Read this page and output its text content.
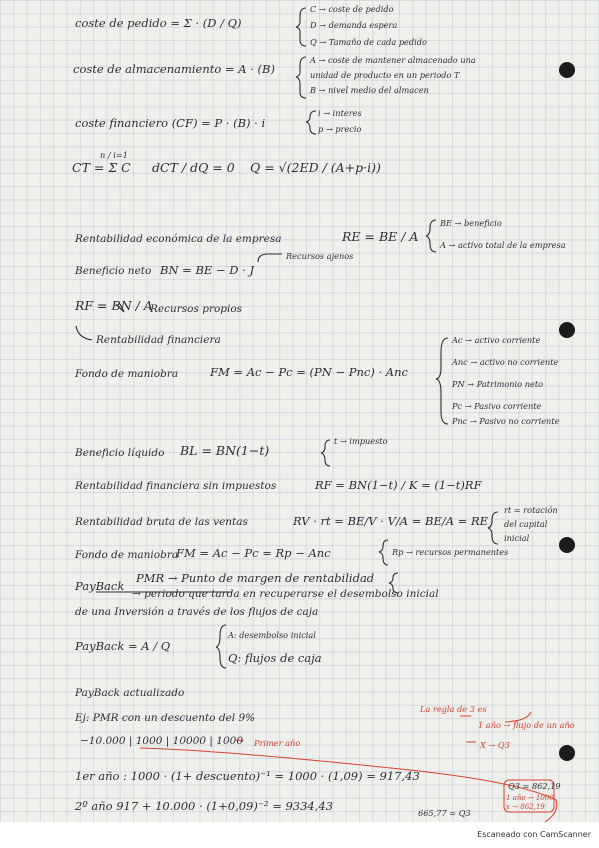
coste de pedido = Σ · (D / Q)
C → coste de pedido
D → demanda espera
Q → Tamaño de cada pedido
coste de almacenamiento = A · (B)
A → coste de mantener almacenado una
unidad de producto en un periodo T
B → nivel medio del almacen
coste financiero (CF) = P · (B) · i
i → interes
p → precio
CT = Σ C
n / i=1
dCT / dQ = 0 Q = √(2ED / (A+p·i))
Rentabilidad económica de la empresa	RE = BE / A
BE → beneficio
A → activo total de la empresa
Beneficio neto BN = BE − D · J
Recursos ajenos
RF = BN / A
Recursos propios
Rentabilidad financiera
Fondo de maniobra	FM = Ac − Pc = (PN − Pnc) · Anc
Ac → activo corriente
Anc → activo no corriente
PN → Patrimonio neto
Pc → Pasivo corriente
Pnc → Pasivo no corriente
Beneficio líquido BL = BN(1−t)
t → impuesto
Rentabilidad financiera sin impuestos	RF = BN(1−t) / K = (1−t)RF
Rentabilidad bruta de las ventas	RV · rt = BE/V · V/A = BE/A = RE
rt = rotación
del capital
inicial
Fondo de maniobra
FM = Ac − Pc = Rp − Anc	Rp → recursos permanentes
PayBack
PMR → Punto de margen de rentabilidad
→ periodo que tarda en recuperarse el desembolso inicial
de una Inversión a través de los flujos de caja
PayBack = A / Q
A: desembolso inicial
Q: flujos de caja
PayBack actualizado
Ej: PMR con un descuento del 9%
−10.000 | 1000 | 10000 | 1000 Primer año
1er año : 1000 · (1+ descuento)⁻¹ = 1000 · (1,09) = 917,43
2º año 917 + 10.000 · (1+0,09)⁻² = 9334,43
La regla de 3 es
1 año → flujo de un año
X → Q3
Q3 = 862,19
1 año → 1000
x → 862,19
665,77 = Q3
Escaneado con CamScanner
